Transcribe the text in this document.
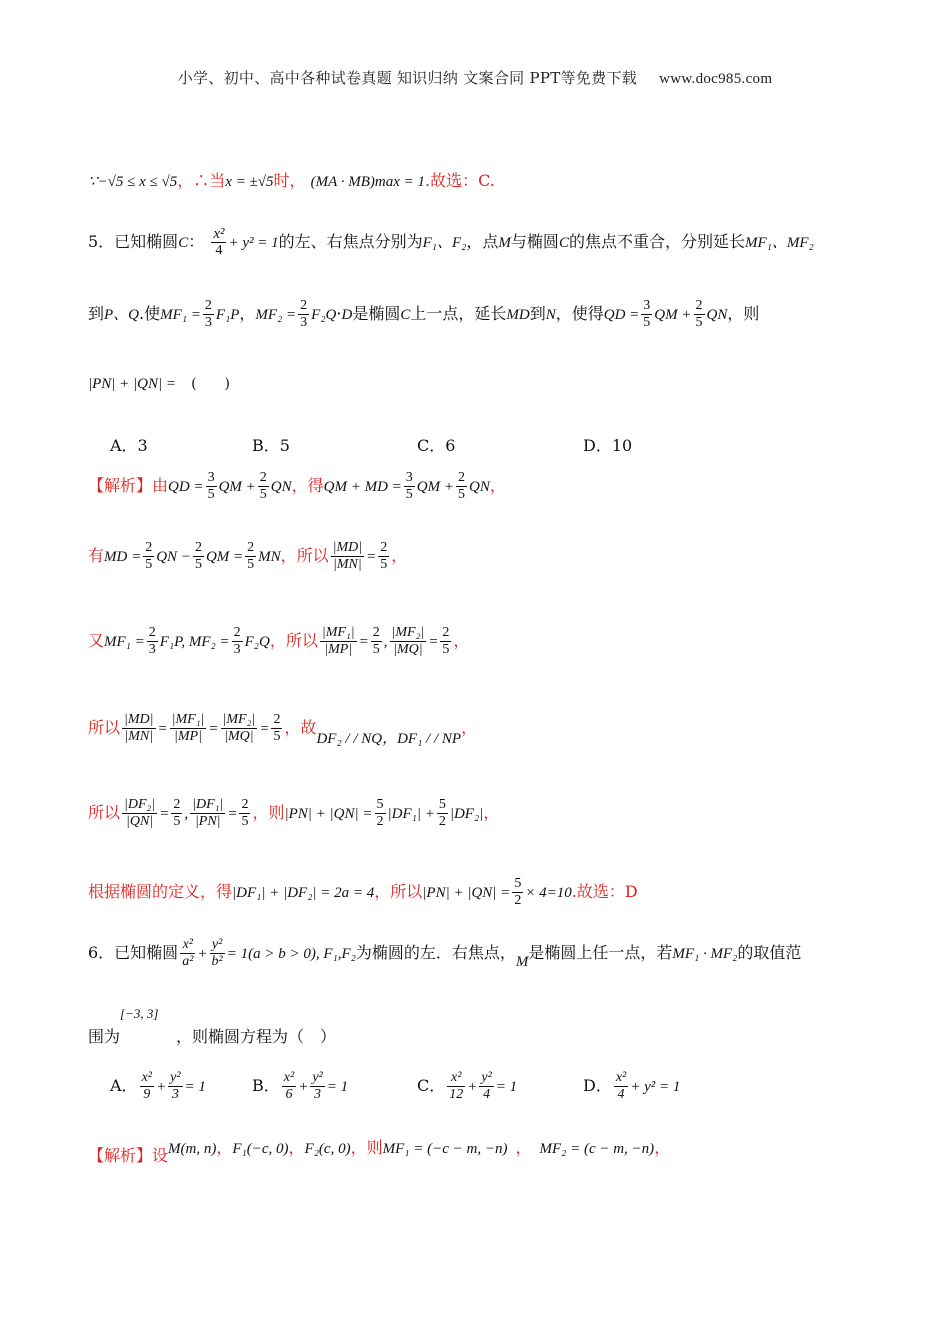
小学、初中、高中各种试卷真题 知识归纳 文案合同 PPT等免费下载 www.doc985.com
∵−√5 ≤ x ≤ √5，∴当x = ±√5时， (MA · MB)max = 1.故选：C.
5．已知椭圆C： $\frac{\text{x²}}{4} + y^2 = 1$的左、右焦点分别为F₁、F₂，点M与椭圆C的焦点不重合，分别延长MF₁、MF₂
到P、Q.使$MF_1 = \frac{2}{3} F_1P$，$MF_2 = \frac{2}{3} F_2Q\cdot D$是椭圆C上一点，延长MD到N，使得QD = $\frac{3}{5}$ QM + $\frac{2}{5}$ QN，则
|PN| + |QN| = (　　)
A．3	B．5	C．6	D．10
【解析】由QD = $\frac{3}{5}$ QM + $\frac{2}{5}$ QN，得QM + MD = $\frac{3}{5}$ QM + $\frac{2}{5}$ QN，
有MD = $\frac{2}{5}$ QN − $\frac{2}{5}$ QM = $\frac{2}{5}$ MN，所以 $\frac{|MD|}{|MN|} = \frac{2}{5}$ ，
又$MF_1 = \frac{2}{3} F_1P$, $MF_2 = \frac{2}{3} F_2Q$，所以 $\frac{\text{|MF₁|}}{|MP|} = \frac{2}{5}$ , $\frac{\text{|MF₂|}}{|MQ|} = \frac{2}{5}$ ，
所以 $\frac{|MD|}{|MN|} = \frac{\text{|MF₁|}}{|MP|} = \frac{\text{|MF₂|}}{|MQ|} = \frac{2}{5}$ ，故DF₂ / / NQ，DF₁ / / NP，
所以 $\frac{\text{|DF₂|}}{|QN|} = \frac{2}{5}$ , $\frac{\text{|DF₁|}}{|PN|} = \frac{2}{5}$ ，则$|PN| + |QN| = \frac{5}{2} |DF_1| + \frac{5}{2} |DF_2|$，
根据椭圆的定义，得|DF₁| + |DF₂| = 2a = 4，所以$|PN| + |QN| = \frac{5}{2} \times 4=10$.故选：D
6．已知椭圆 $\frac{\text{x²}}{\text{a²}} + \frac{\text{y²}}{\text{b²}} = 1(a > b > 0)$, F₁,F₂为椭圆的左．右焦点，M是椭圆上任一点，若MF₁ · MF₂的取值范
[−3, 3]
围为	，则椭圆方程为（　）
A． $\frac{\text{x²}}{9} + \frac{\text{y²}}{3} = 1$	B． $\frac{\text{x²}}{6} + \frac{\text{y²}}{3} = 1$	C． $\frac{\text{x²}}{12} + \frac{\text{y²}}{4} = 1$	D． $\frac{\text{x²}}{4} + y^2 = 1$
【解析】设M(m, n)，F₁(−c, 0)，F₂(c, 0)，则MF₁ = (−c − m, −n) ， MF₂ = (c − m, −n)，
